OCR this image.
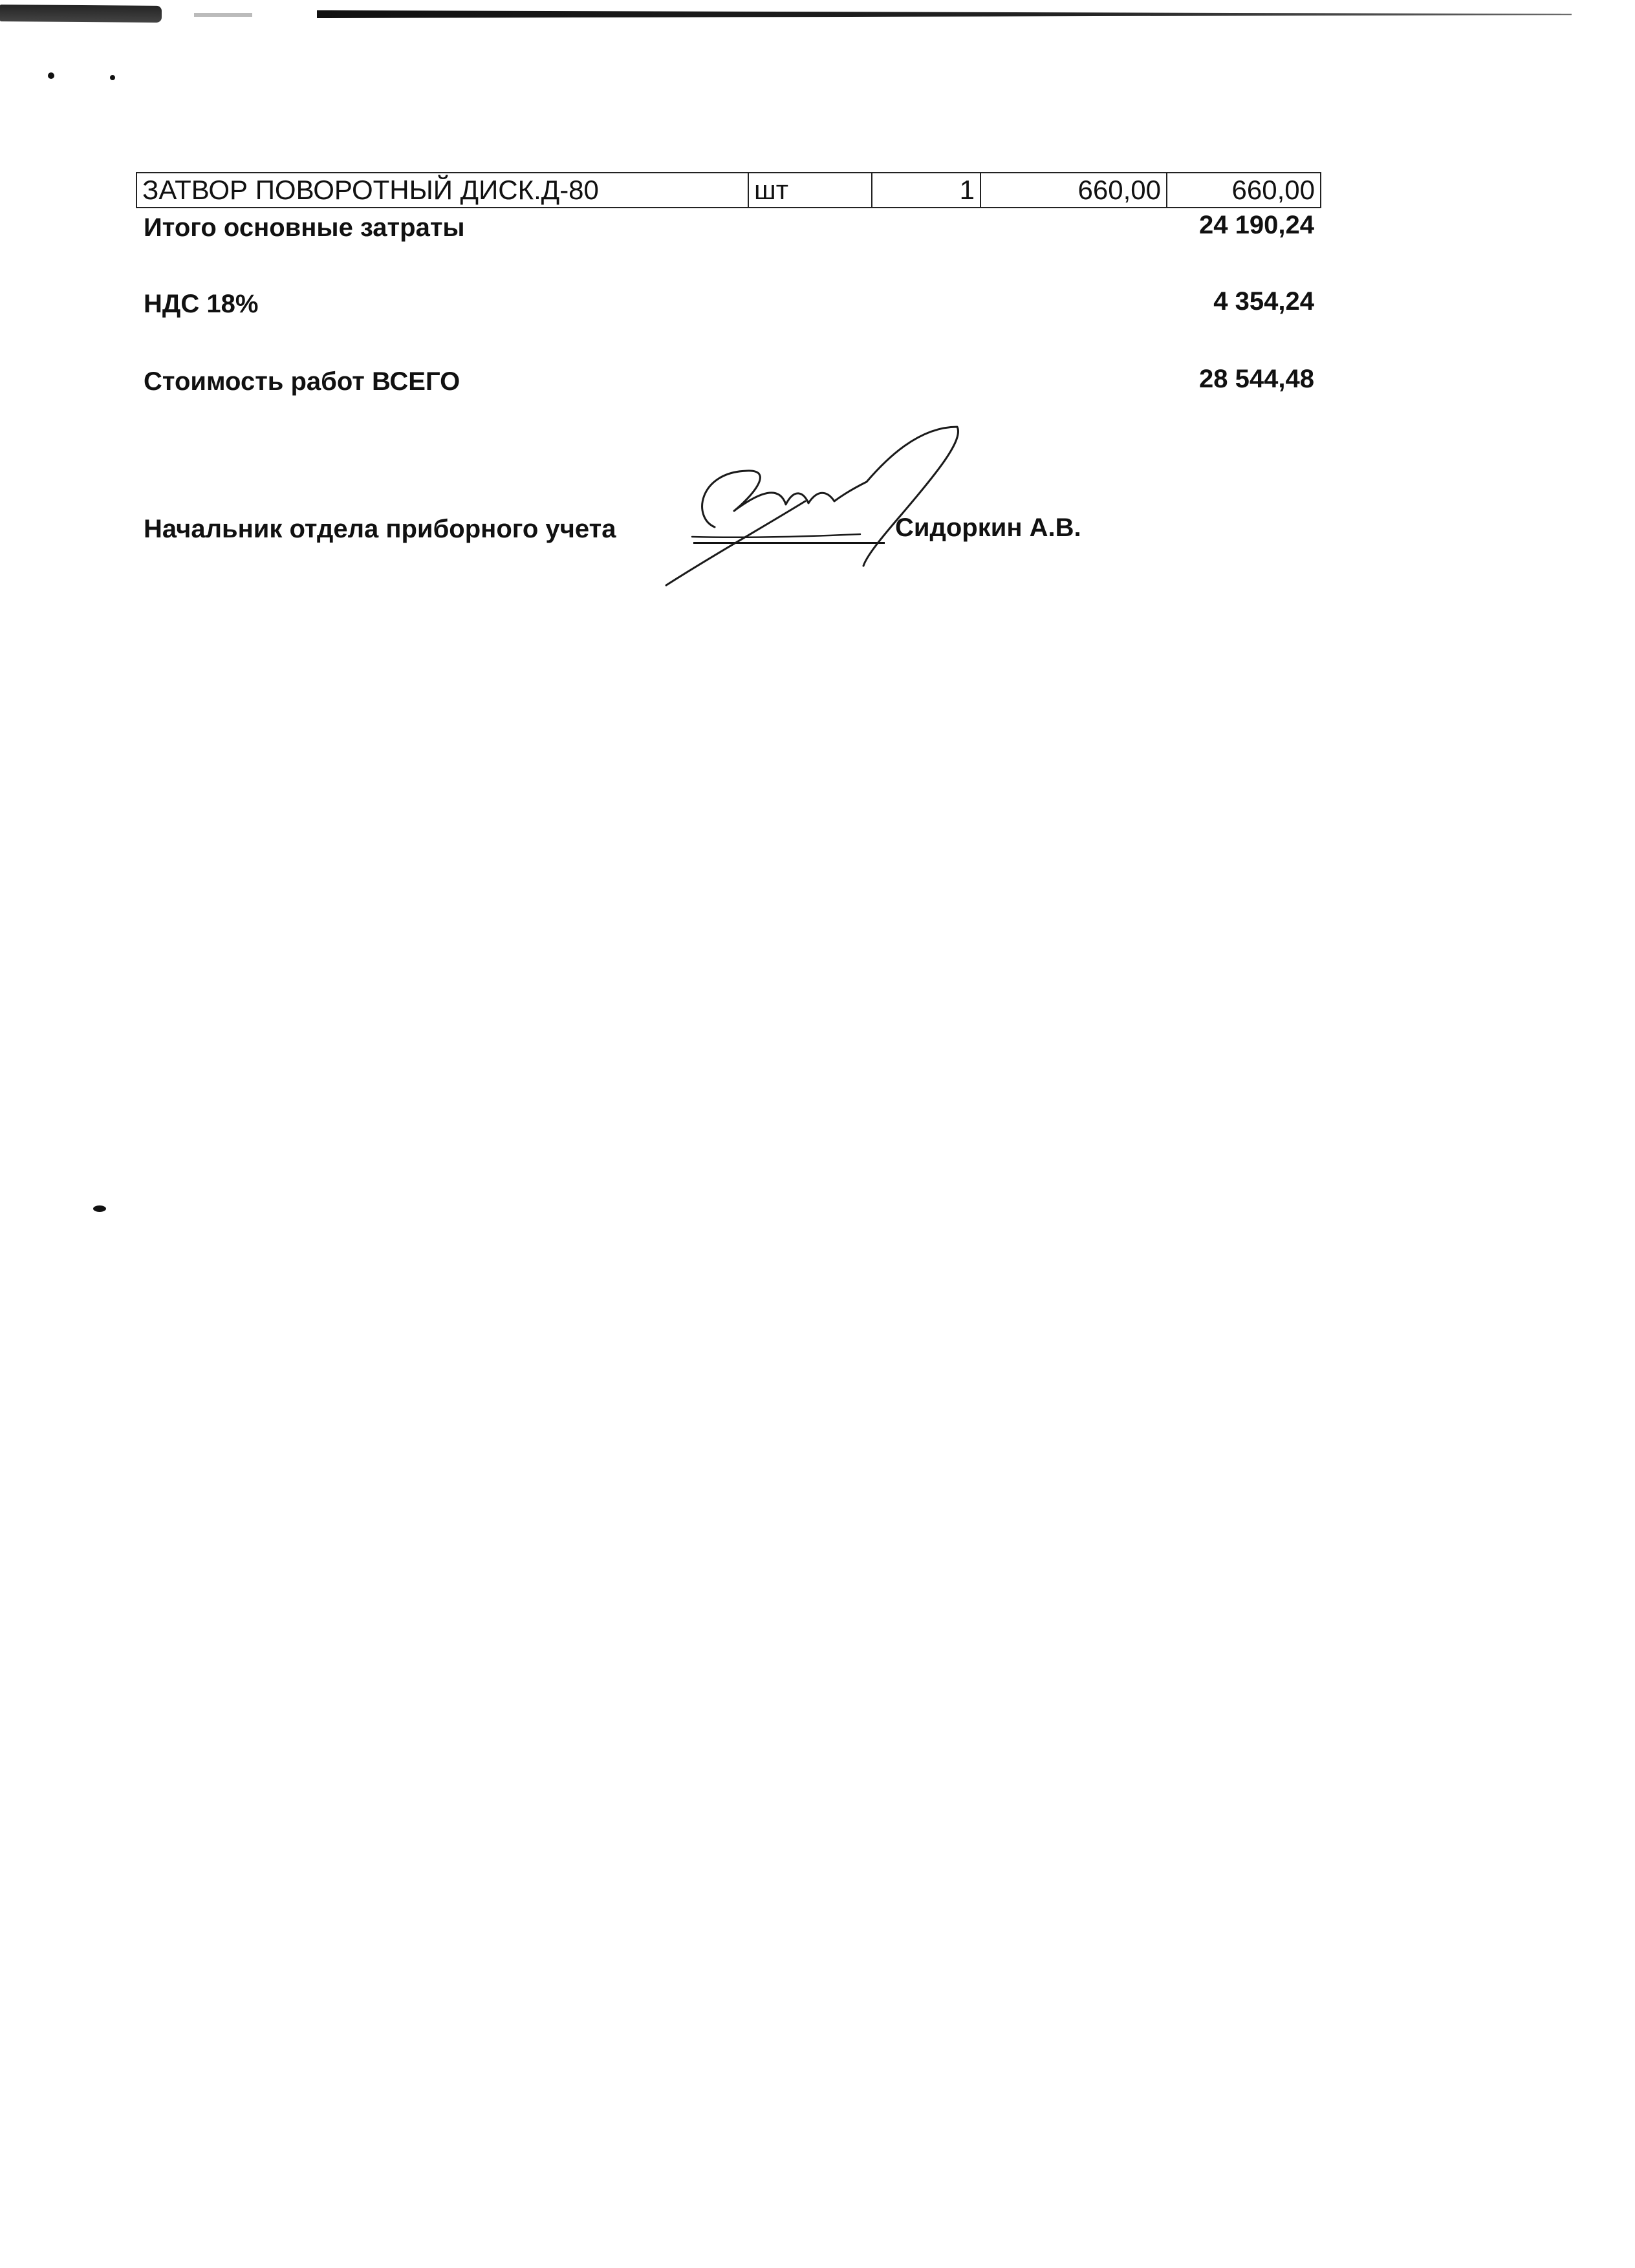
ЗАТВОР ПОВОРОТНЫЙ ДИСК.Д-80	шт	1	660,00	660,00
Итого основные затраты	24 190,24
НДС 18%	4 354,24
Стоимость работ ВСЕГО	28 544,48
Начальник отдела приборного учета	Сидоркин А.В.
